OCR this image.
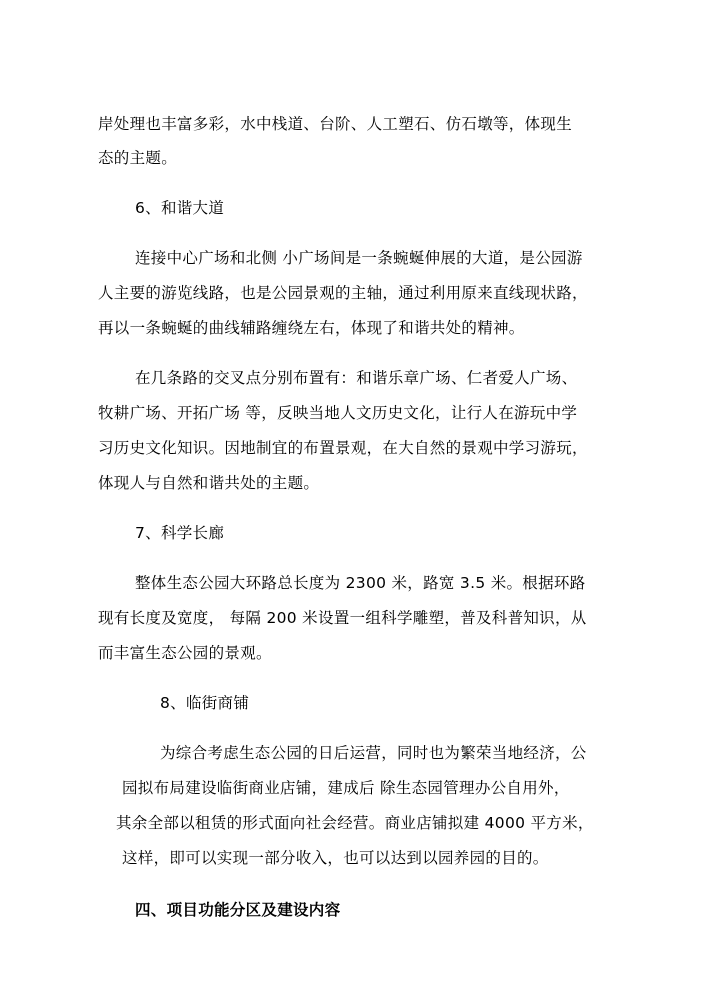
岸处理也丰富多彩，水中栈道、台阶、人工塑石、仿石墩等，体现生
态的主题。
6、和谐大道
连接中心广场和北侧 小广场间是一条蜿蜒伸展的大道，是公园游
人主要的游览线路，也是公园景观的主轴，通过利用原来直线现状路，
再以一条蜿蜒的曲线辅路缠绕左右，体现了和谐共处的精神。
在几条路的交叉点分别布置有：和谐乐章广场、仁者爱人广场、
牧耕广场、开拓广场 等，反映当地人文历史文化，让行人在游玩中学
习历史文化知识。因地制宜的布置景观，在大自然的景观中学习游玩，
体现人与自然和谐共处的主题。
7、科学长廊
整体生态公园大环路总长度为 2300 米，路宽 3.5 米。根据环路
现有长度及宽度， 每隔 200 米设置一组科学雕塑，普及科普知识，从
而丰富生态公园的景观。
8、临街商铺
为综合考虑生态公园的日后运营，同时也为繁荣当地经济，公
园拟布局建设临街商业店铺，建成后 除生态园管理办公自用外，
其余全部以租赁的形式面向社会经营。商业店铺拟建 4000 平方米，
这样，即可以实现一部分收入，也可以达到以园养园的目的。
四、项目功能分区及建设内容
